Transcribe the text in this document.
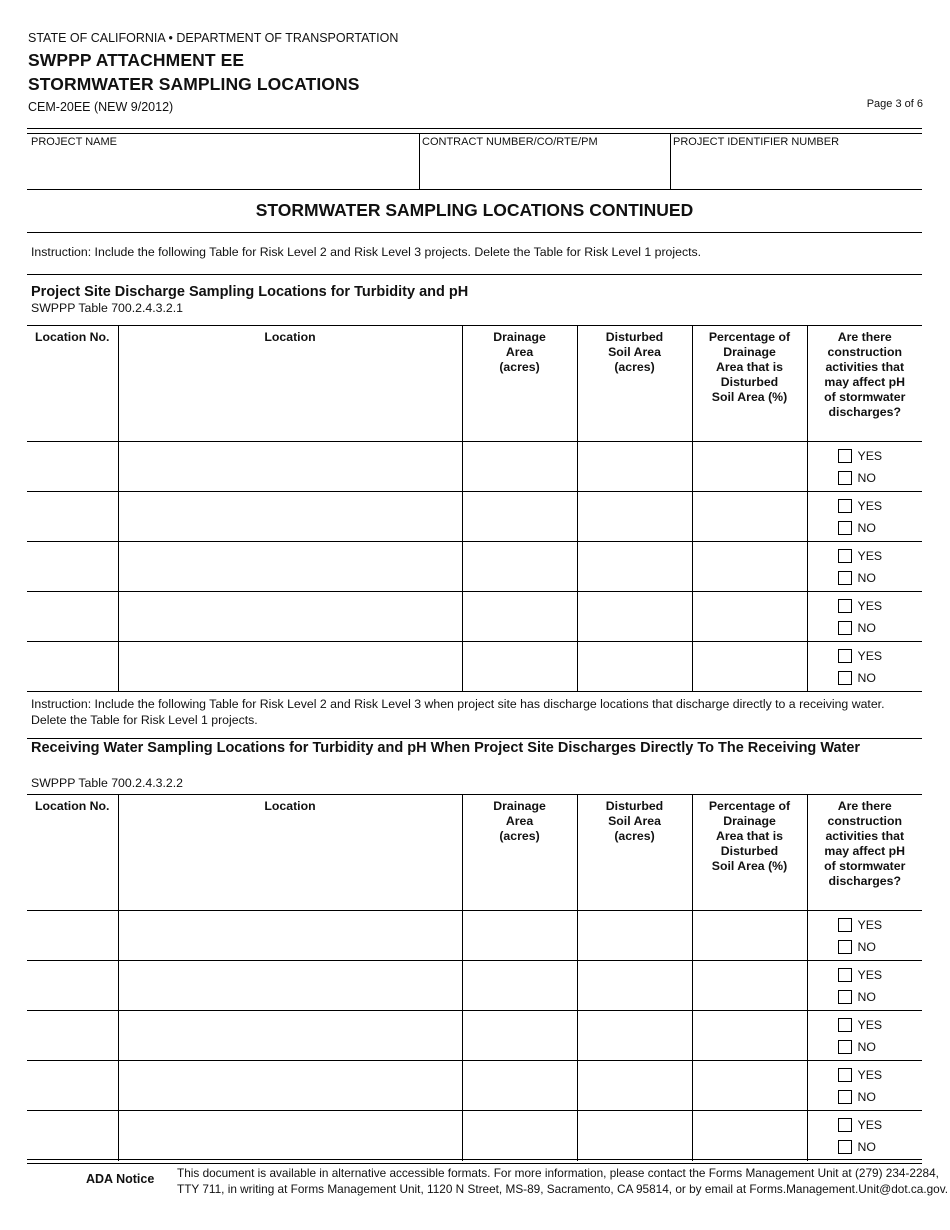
STATE OF CALIFORNIA • DEPARTMENT OF TRANSPORTATION
SWPPP ATTACHMENT EE
STORMWATER SAMPLING LOCATIONS
CEM-20EE (NEW 9/2012)	Page 3 of 6
PROJECT NAME	CONTRACT NUMBER/CO/RTE/PM	PROJECT IDENTIFIER NUMBER
STORMWATER SAMPLING LOCATIONS CONTINUED
Instruction: Include the following Table for Risk Level 2 and Risk Level 3 projects. Delete the Table for Risk Level 1 projects.
Project Site Discharge Sampling Locations for Turbidity and pH
SWPPP Table 700.2.4.3.2.1
Location No.	Location	Drainage Area (acres)	Disturbed Soil Area (acres)	Percentage of Drainage Area that is Disturbed Soil Area (%)	Are there construction activities that may affect pH of stormwater discharges?

					YES
NO

					YES
NO

					YES
NO

					YES
NO

					YES
NO
Instruction: Include the following Table for Risk Level 2 and Risk Level 3 when project site has discharge locations that discharge directly to a receiving water. Delete the Table for Risk Level 1 projects.
Receiving Water Sampling Locations for Turbidity and pH When Project Site Discharges Directly To The Receiving Water
SWPPP Table 700.2.4.3.2.2
Location No.	Location	Drainage Area (acres)	Disturbed Soil Area (acres)	Percentage of Drainage Area that is Disturbed Soil Area (%)	Are there construction activities that may affect pH of stormwater discharges?

					YES
NO

					YES
NO

					YES
NO

					YES
NO

					YES
NO
ADA Notice This document is available in alternative accessible formats. For more information, please contact the Forms Management Unit at (279) 234-2284,
TTY 711, in writing at Forms Management Unit, 1120 N Street, MS-89, Sacramento, CA 95814, or by email at Forms.Management.Unit@dot.ca.gov.
